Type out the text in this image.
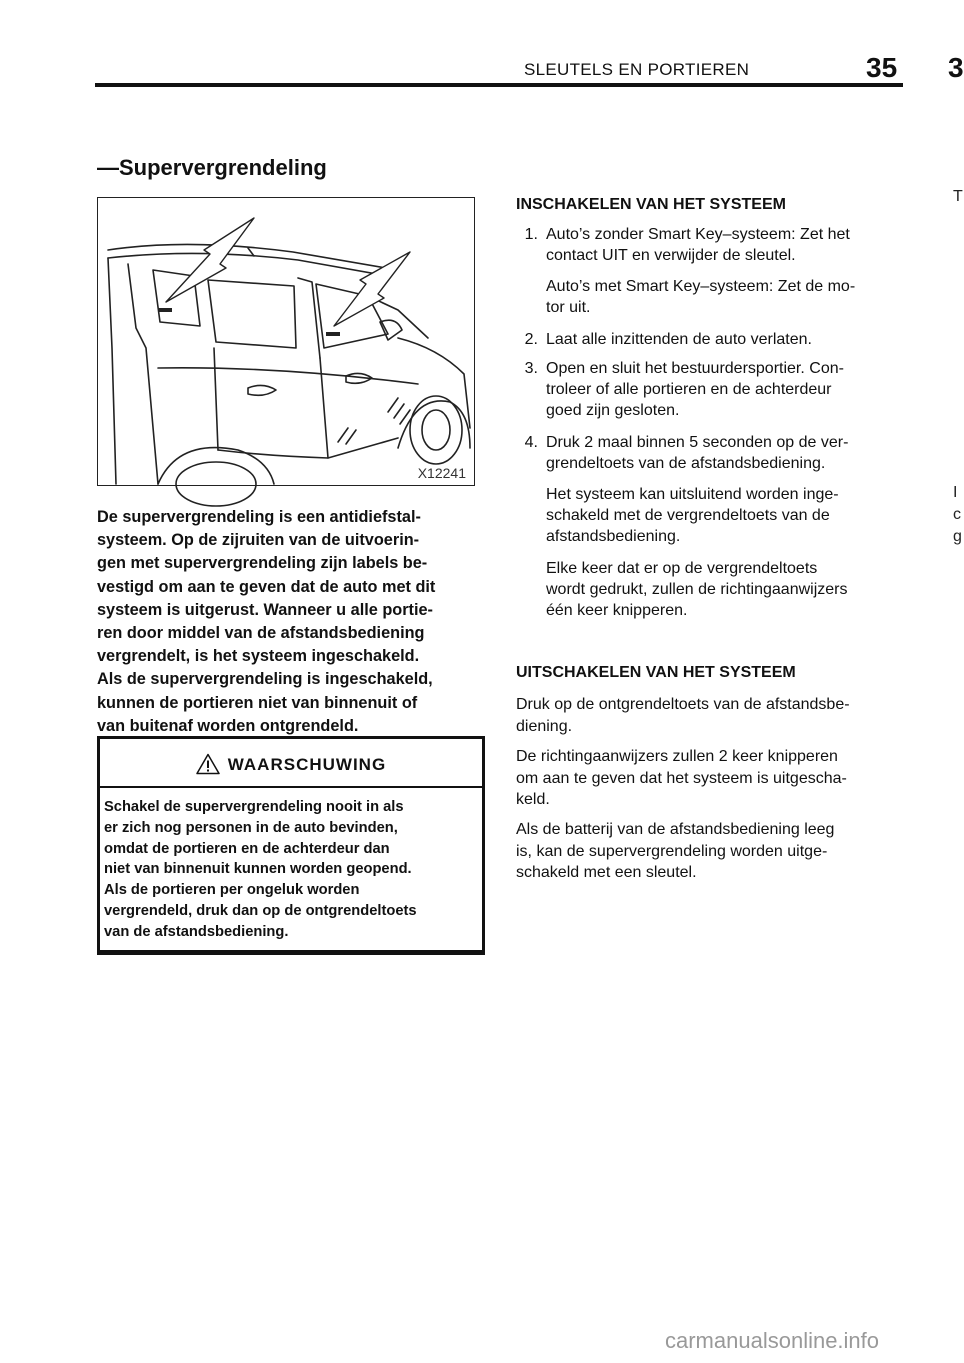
SLEUTELS EN PORTIEREN	35 3
T
I
c
g
—Supervergrendeling
X12241
De supervergrendeling is een antidiefstal-
systeem. Op de zijruiten van de uitvoerin-
gen met supervergrendeling zijn labels be-
vestigd om aan te geven dat de auto met dit
systeem is uitgerust. Wanneer u alle portie-
ren door middel van de afstandsbediening
vergrendelt, is het systeem ingeschakeld.
Als de supervergrendeling is ingeschakeld,
kunnen de portieren niet van binnenuit of
van buitenaf worden ontgrendeld.
WAARSCHUWING
Schakel de supervergrendeling nooit in als
er zich nog personen in de auto bevinden,
omdat de portieren en de achterdeur dan
niet van binnenuit kunnen worden geopend.
Als de portieren per ongeluk worden
vergrendeld, druk dan op de ontgrendeltoets
van de afstandsbediening.
INSCHAKELEN VAN HET SYSTEEM
1. Auto’s zonder Smart Key–systeem: Zet het
contact UIT en verwijder de sleutel.
Auto’s met Smart Key–systeem: Zet de mo-
tor uit.
2. Laat alle inzittenden de auto verlaten.
3. Open en sluit het bestuurdersportier. Con-
troleer of alle portieren en de achterdeur
goed zijn gesloten.
4. Druk 2 maal binnen 5 seconden op de ver-
grendeltoets van de afstandsbediening.
Het systeem kan uitsluitend worden inge-
schakeld met de vergrendeltoets van de
afstandsbediening.
Elke keer dat er op de vergrendeltoets
wordt gedrukt, zullen de richtingaanwijzers
één keer knipperen.
UITSCHAKELEN VAN HET SYSTEEM
Druk op de ontgrendeltoets van de afstandsbe-
diening.
De richtingaanwijzers zullen 2 keer knipperen
om aan te geven dat het systeem is uitgescha-
keld.
Als de batterij van de afstandsbediening leeg
is, kan de supervergrendeling worden uitge-
schakeld met een sleutel.
carmanualsonline.info
